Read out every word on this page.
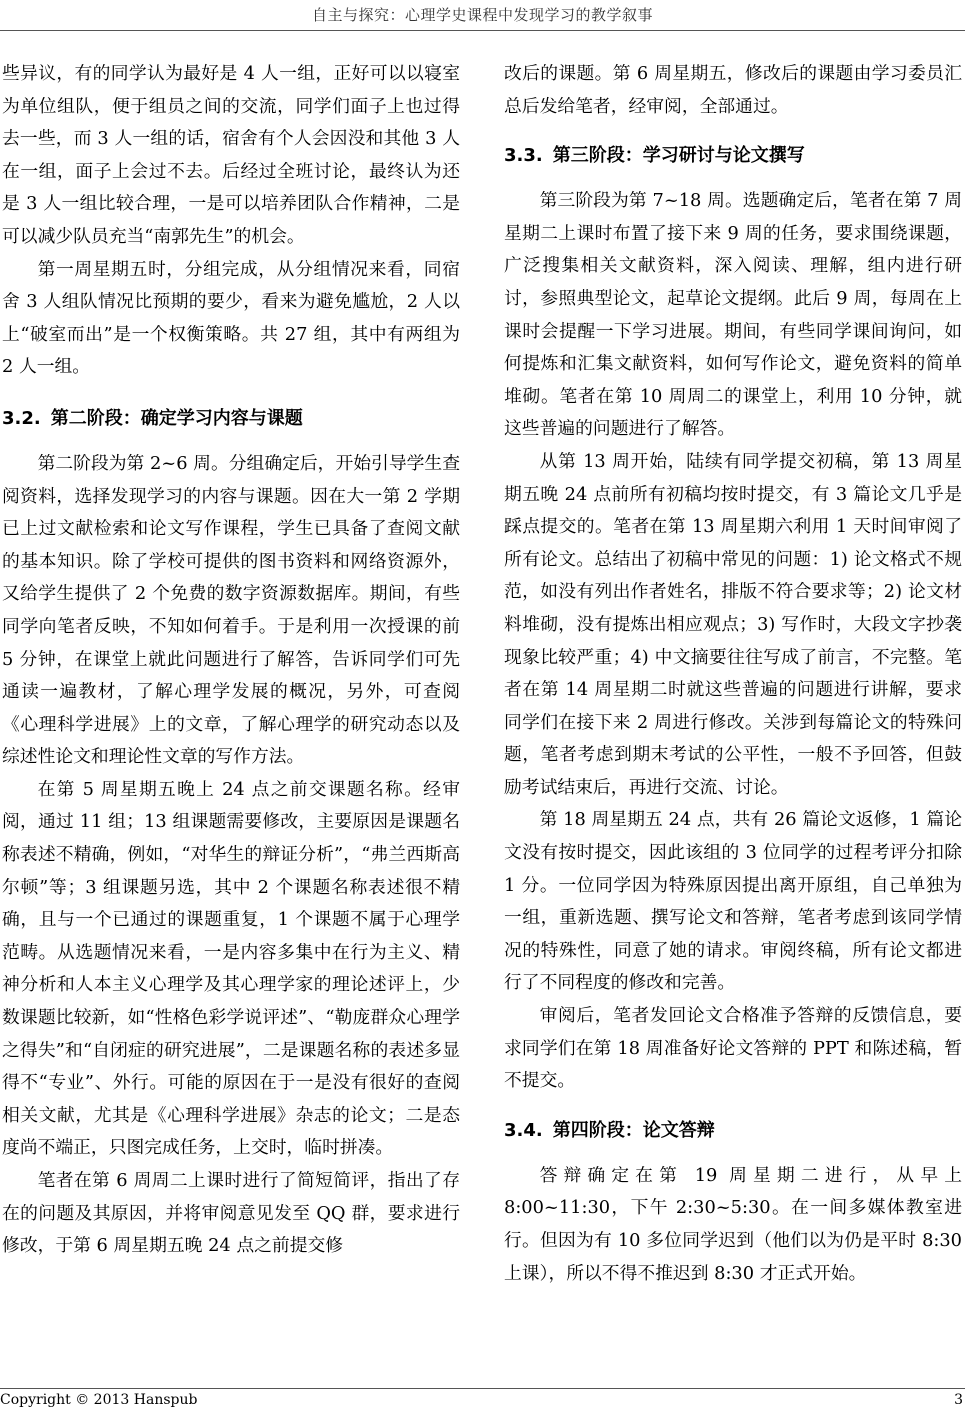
自主与探究：心理学史课程中发现学习的教学叙事

些异议，有的同学认为最好是 4 人一组，正好可以以寝室为单位组队，便于组员之间的交流，同学们面子上也过得去一些，而 3 人一组的话，宿舍有个人会因没和其他 3 人在一组，面子上会过不去。后经过全班讨论，最终认为还是 3 人一组比较合理，一是可以培养团队合作精神，二是可以减少队员充当“南郭先生”的机会。

第一周星期五时，分组完成，从分组情况来看，同宿舍 3 人组队情况比预期的要少，看来为避免尴尬，2 人以上“破室而出”是一个权衡策略。共 27 组，其中有两组为 2 人一组。

3.2. 第二阶段：确定学习内容与课题

第二阶段为第 2~6 周。分组确定后，开始引导学生查阅资料，选择发现学习的内容与课题。因在大一第 2 学期已上过文献检索和论文写作课程，学生已具备了查阅文献的基本知识。除了学校可提供的图书资料和网络资源外，又给学生提供了 2 个免费的数字资源数据库。期间，有些同学向笔者反映，不知如何着手。于是利用一次授课的前 5 分钟，在课堂上就此问题进行了解答，告诉同学们可先通读一遍教材，了解心理学发展的概况，另外，可查阅《心理科学进展》上的文章，了解心理学的研究动态以及综述性论文和理论性文章的写作方法。

在第 5 周星期五晚上 24 点之前交课题名称。经审阅，通过 11 组；13 组课题需要修改，主要原因是课题名称表述不精确，例如，“对华生的辩证分析”，“弗兰西斯高尔顿”等；3 组课题另选，其中 2 个课题名称表述很不精确，且与一个已通过的课题重复，1 个课题不属于心理学范畴。从选题情况来看，一是内容多集中在行为主义、精神分析和人本主义心理学及其心理学家的理论述评上，少数课题比较新，如“性格色彩学说评述”、“勒庞群众心理学之得失”和“自闭症的研究进展”，二是课题名称的表述多显得不“专业”、外行。可能的原因在于一是没有很好的查阅相关文献，尤其是《心理科学进展》杂志的论文；二是态度尚不端正，只图完成任务，上交时，临时拼凑。

笔者在第 6 周周二上课时进行了简短简评，指出了存在的问题及其原因，并将审阅意见发至 QQ 群，要求进行修改，于第 6 周星期五晚 24 点之前提交修

改后的课题。第 6 周星期五，修改后的课题由学习委员汇总后发给笔者，经审阅，全部通过。

3.3. 第三阶段：学习研讨与论文撰写

第三阶段为第 7~18 周。选题确定后，笔者在第 7 周星期二上课时布置了接下来 9 周的任务，要求围绕课题，广泛搜集相关文献资料，深入阅读、理解，组内进行研讨，参照典型论文，起草论文提纲。此后 9 周，每周在上课时会提醒一下学习进展。期间，有些同学课间询问，如何提炼和汇集文献资料，如何写作论文，避免资料的简单堆砌。笔者在第 10 周周二的课堂上，利用 10 分钟，就这些普遍的问题进行了解答。

从第 13 周开始，陆续有同学提交初稿，第 13 周星期五晚 24 点前所有初稿均按时提交，有 3 篇论文几乎是踩点提交的。笔者在第 13 周星期六利用 1 天时间审阅了所有论文。总结出了初稿中常见的问题：1) 论文格式不规范，如没有列出作者姓名，排版不符合要求等；2) 论文材料堆砌，没有提炼出相应观点；3) 写作时，大段文字抄袭现象比较严重；4) 中文摘要往往写成了前言，不完整。笔者在第 14 周星期二时就这些普遍的问题进行讲解，要求同学们在接下来 2 周进行修改。关涉到每篇论文的特殊问题，笔者考虑到期末考试的公平性，一般不予回答，但鼓励考试结束后，再进行交流、讨论。

第 18 周星期五 24 点，共有 26 篇论文返修，1 篇论文没有按时提交，因此该组的 3 位同学的过程考评分扣除 1 分。一位同学因为特殊原因提出离开原组，自己单独为一组，重新选题、撰写论文和答辩，笔者考虑到该同学情况的特殊性，同意了她的请求。审阅终稿，所有论文都进行了不同程度的修改和完善。

审阅后，笔者发回论文合格准予答辩的反馈信息，要求同学们在第 18 周准备好论文答辩的 PPT 和陈述稿，暂不提交。

3.4. 第四阶段：论文答辩

答辩确定在第 19 周星期二进行，从早上 8:00~11:30，下午 2:30~5:30。在一间多媒体教室进行。但因为有 10 多位同学迟到（他们以为仍是平时 8:30 上课），所以不得不推迟到 8:30 才正式开始。

Copyright © 2013 Hanspub	3
